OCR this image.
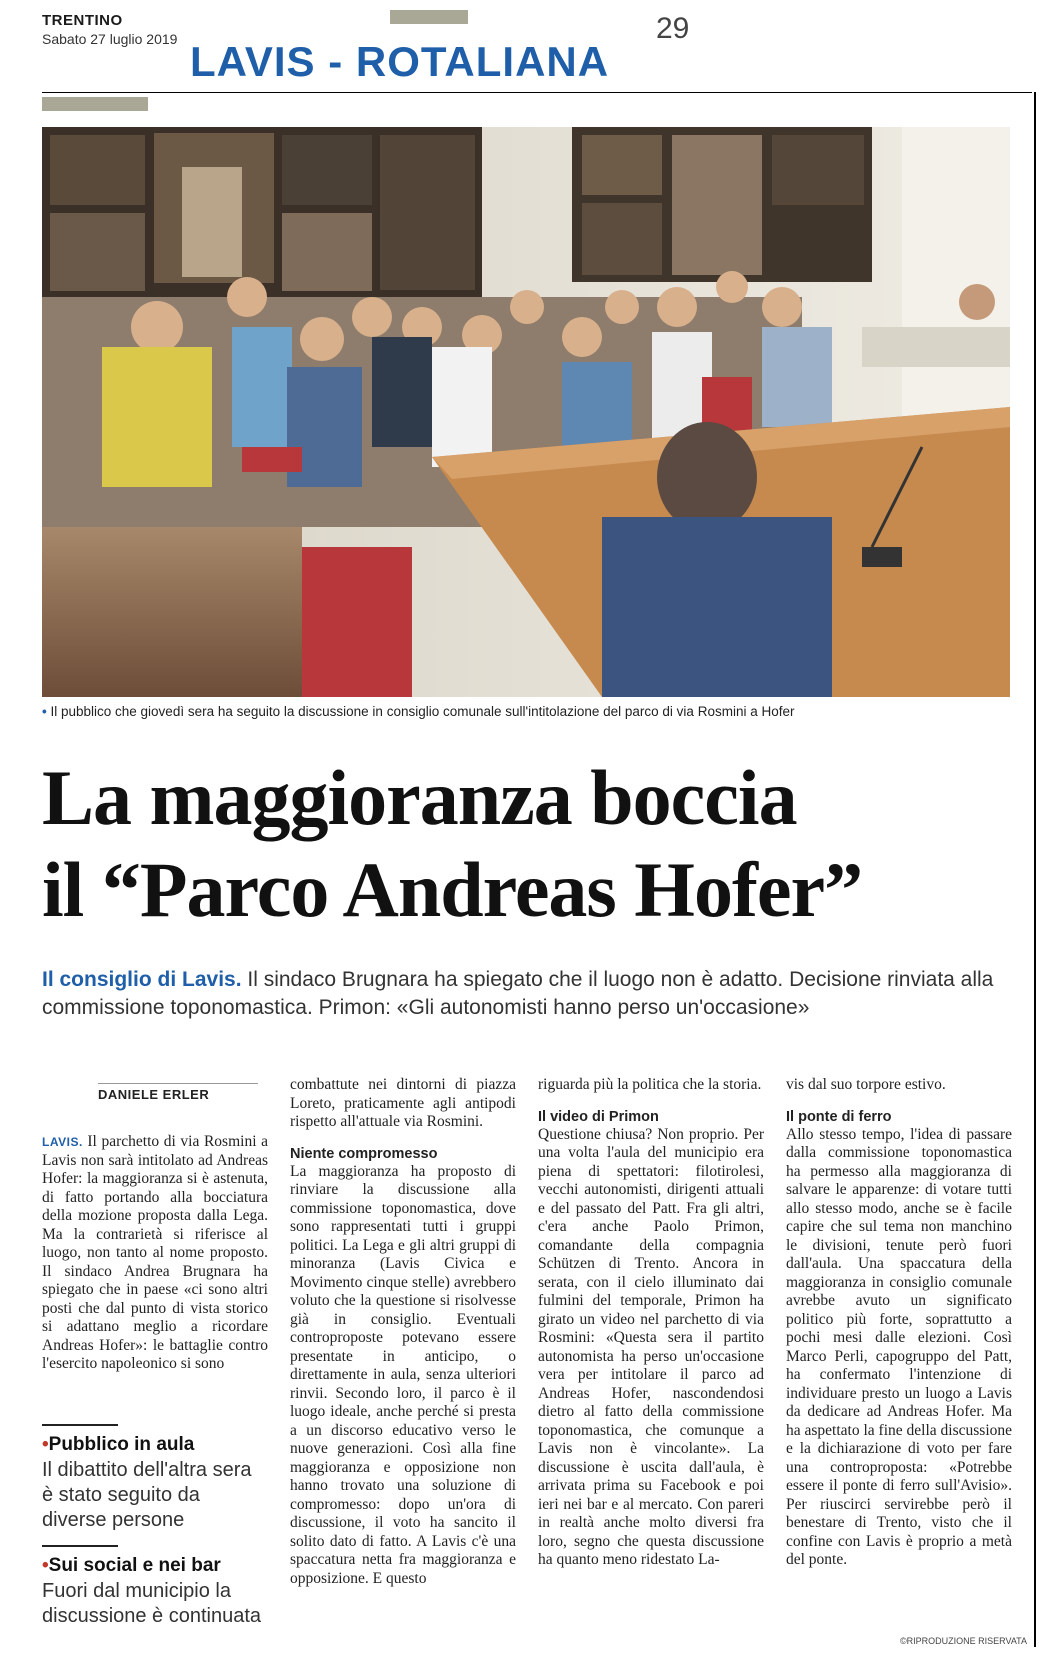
TRENTINO
Sabato 27 luglio 2019 LAVIS - ROTALIANA
29
• Il pubblico che giovedì sera ha seguito la discussione in consiglio comunale sull'intitolazione del parco di via Rosmini a Hofer
La maggioranza boccia
il “Parco Andreas Hofer”
Il consiglio di Lavis. Il sindaco Brugnara ha spiegato che il luogo non è adatto. Decisione rinviata alla commissione toponomastica. Primon: «Gli autonomisti hanno perso un'occasione»
DANIELE ERLER

LAVIS. Il parchetto di via Rosmini a Lavis non sarà intitolato ad Andreas Hofer: la maggioranza si è astenuta, di fatto portando alla bocciatura della mozione proposta dalla Lega. Ma la contrarietà si riferisce al luogo, non tanto al nome proposto. Il sindaco Andrea Brugnara ha spiegato che in paese «ci sono altri posti che dal punto di vista storico si adattano meglio a ricordare Andreas Hofer»: le battaglie contro l'esercito napoleonico si sono

•Pubblico in aula
Il dibattito dell'altra sera è stato seguito da diverse persone
•Sui social e nei bar
Fuori dal municipio la discussione è continuata

combattute nei dintorni di piazza Loreto, praticamente agli antipodi rispetto all'attuale via Rosmini.

Niente compromesso

La maggioranza ha proposto di rinviare la discussione alla commissione toponomastica, dove sono rappresentati tutti i gruppi politici. La Lega e gli altri gruppi di minoranza (Lavis Civica e Movimento cinque stelle) avrebbero voluto che la questione si risolvesse già in consiglio. Eventuali controproposte potevano essere presentate in anticipo, o direttamente in aula, senza ulteriori rinvii. Secondo loro, il parco è il luogo ideale, anche perché si presta a un discorso educativo verso le nuove generazioni. Così alla fine maggioranza e opposizione non hanno trovato una soluzione di compromesso: dopo un'ora di discussione, il voto ha sancito il solito dato di fatto. A Lavis c'è una spaccatura netta fra maggioranza e opposizione. E questo

riguarda più la politica che la storia.

Il video di Primon

Questione chiusa? Non proprio. Per una volta l'aula del municipio era piena di spettatori: filotirolesi, vecchi autonomisti, dirigenti attuali e del passato del Patt. Fra gli altri, c'era anche Paolo Primon, comandante della compagnia Schützen di Trento. Ancora in serata, con il cielo illuminato dai fulmini del temporale, Primon ha girato un video nel parchetto di via Rosmini: «Questa sera il partito autonomista ha perso un'occasione vera per intitolare il parco ad Andreas Hofer, nascondendosi dietro al fatto della commissione toponomastica, che comunque a Lavis non è vincolante». La discussione è uscita dall'aula, è arrivata prima su Facebook e poi ieri nei bar e al mercato. Con pareri in realtà anche molto diversi fra loro, segno che questa discussione ha quanto meno ridestato La-

vis dal suo torpore estivo.

Il ponte di ferro

Allo stesso tempo, l'idea di passare dalla commissione toponomastica ha permesso alla maggioranza di salvare le apparenze: di votare tutti allo stesso modo, anche se è facile capire che sul tema non manchino le divisioni, tenute però fuori dall'aula. Una spaccatura della maggioranza in consiglio comunale avrebbe avuto un significato politico più forte, soprattutto a pochi mesi dalle elezioni. Così Marco Perli, capogruppo del Patt, ha confermato l'intenzione di individuare presto un luogo a Lavis da dedicare ad Andreas Hofer. Ma ha aspettato la fine della discussione e la dichiarazione di voto per fare una controproposta: «Potrebbe essere il ponte di ferro sull'Avisio». Per riuscirci servirebbe però il benestare di Trento, visto che il confine con Lavis è proprio a metà del ponte.

©RIPRODUZIONE RISERVATA
